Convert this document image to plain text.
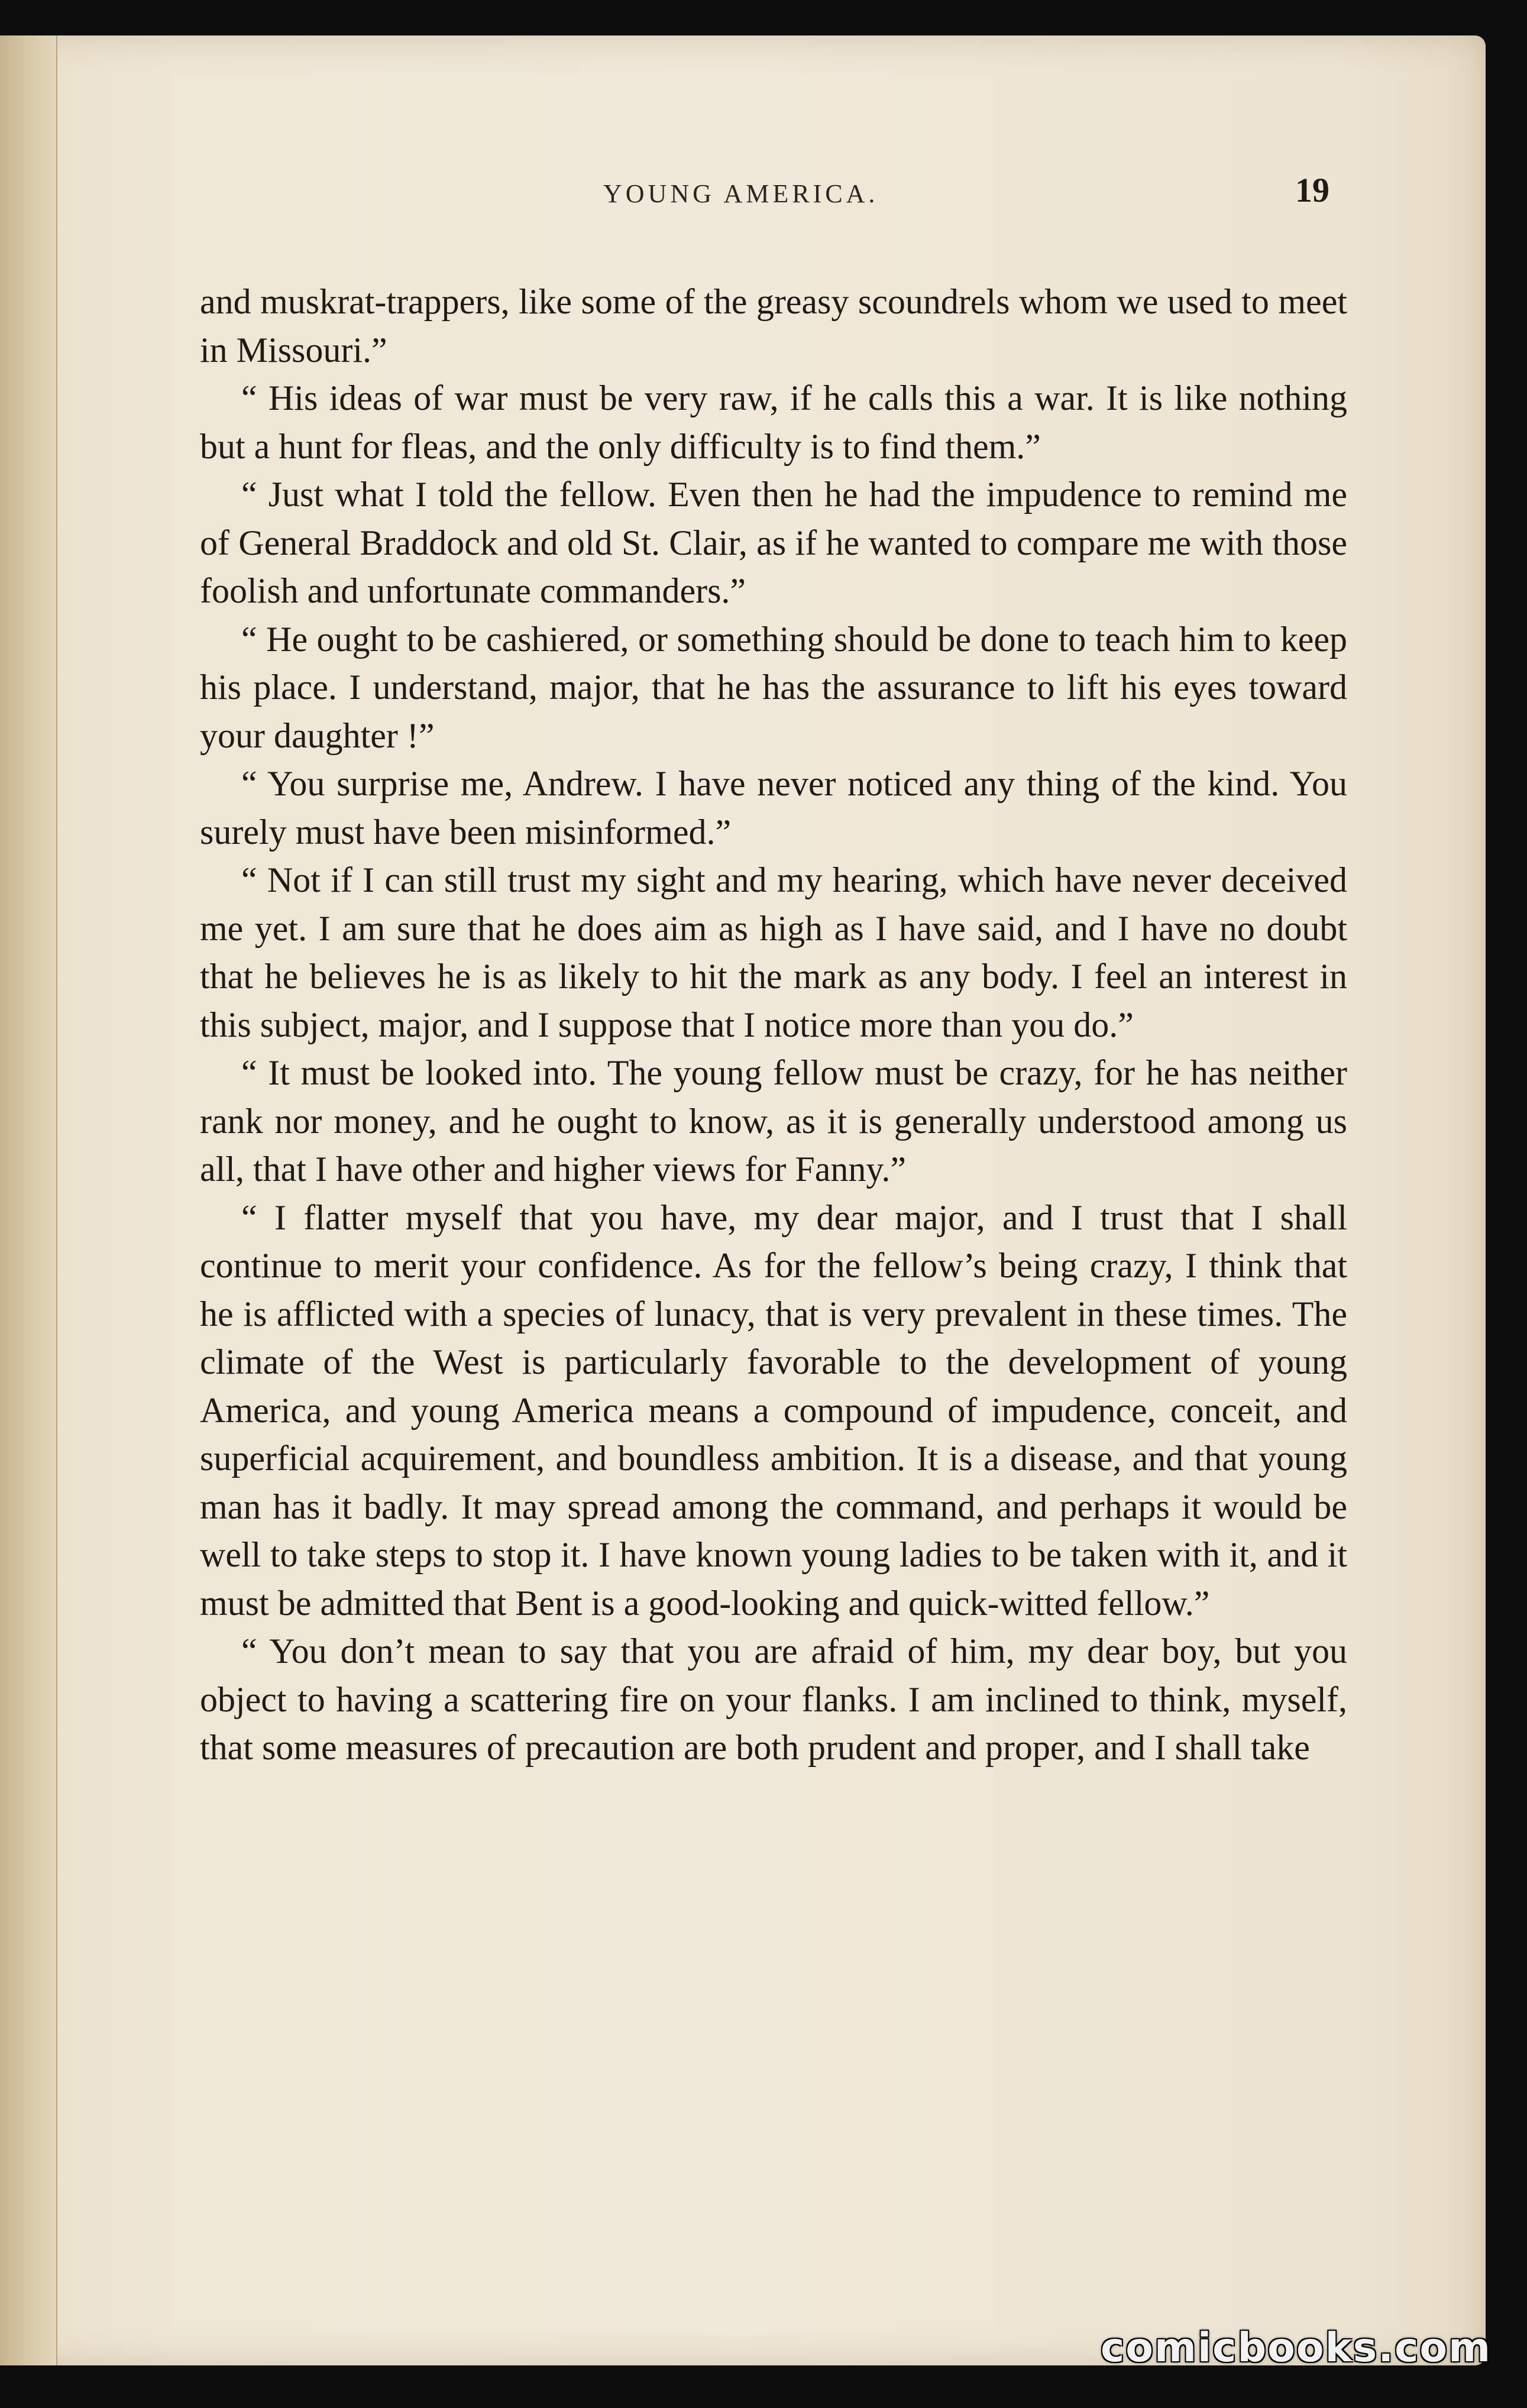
YOUNG AMERICA.	19

and muskrat-trappers, like some of the greasy scoundrels whom we used to meet in Missouri.”

“ His ideas of war must be very raw, if he calls this a war. It is like nothing but a hunt for fleas, and the only difficulty is to find them.”

“ Just what I told the fellow. Even then he had the impudence to remind me of General Braddock and old St. Clair, as if he wanted to compare me with those foolish and unfortunate commanders.”

“ He ought to be cashiered, or something should be done to teach him to keep his place. I understand, major, that he has the assurance to lift his eyes toward your daughter !”

“ You surprise me, Andrew. I have never noticed any thing of the kind. You surely must have been misinformed.”

“ Not if I can still trust my sight and my hearing, which have never deceived me yet. I am sure that he does aim as high as I have said, and I have no doubt that he believes he is as likely to hit the mark as any body. I feel an interest in this subject, major, and I suppose that I notice more than you do.”

“ It must be looked into. The young fellow must be crazy, for he has neither rank nor money, and he ought to know, as it is generally understood among us all, that I have other and higher views for Fanny.”

“ I flatter myself that you have, my dear major, and I trust that I shall continue to merit your confidence. As for the fellow’s being crazy, I think that he is afflicted with a species of lunacy, that is very prevalent in these times. The climate of the West is particularly favorable to the development of young America, and young America means a compound of impudence, conceit, and superficial acquirement, and boundless ambition. It is a disease, and that young man has it badly. It may spread among the command, and perhaps it would be well to take steps to stop it. I have known young ladies to be taken with it, and it must be admitted that Bent is a good-looking and quick-witted fellow.”

“ You don’t mean to say that you are afraid of him, my dear boy, but you object to having a scattering fire on your flanks. I am inclined to think, myself, that some measures of precaution are both prudent and proper, and I shall take

comicbooks.com
